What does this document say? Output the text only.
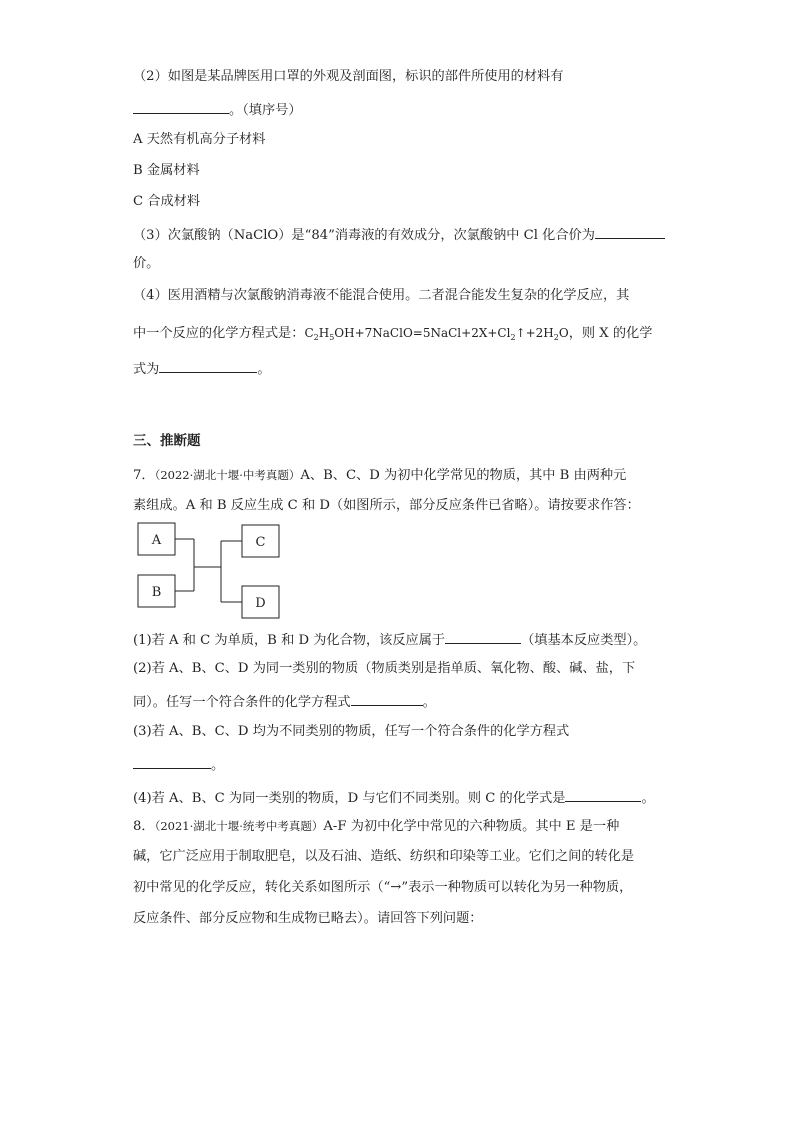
（2）如图是某品牌医用口罩的外观及剖面图，标识的部件所使用的材料有
。（填序号）
A 天然有机高分子材料
B 金属材料
C 合成材料
（3）次氯酸钠（NaClO）是“84”消毒液的有效成分，次氯酸钠中 Cl 化合价为
价。
（4）医用酒精与次氯酸钠消毒液不能混合使用。二者混合能发生复杂的化学反应，其
中一个反应的化学方程式是：$C_2H_5OH+7NaClO=5NaCl+2X+Cl_2↑+2H_2O$，则 X 的化学
式为	。
三、推断题
7．（2022·湖北十堰·中考真题）A、B、C、D 为初中化学常见的物质，其中 B 由两种元
素组成。A 和 B 反应生成 C 和 D（如图所示，部分反应条件已省略）。请按要求作答：
A
B
C
D
(1)若 A 和 C 为单质，B 和 D 为化合物，该反应属于	（填基本反应类型）。
(2)若 A、B、C、D 为同一类别的物质（物质类别是指单质、氧化物、酸、碱、盐，下
同）。任写一个符合条件的化学方程式	。
(3)若 A、B、C、D 均为不同类别的物质，任写一个符合条件的化学方程式
。
(4)若 A、B、C 为同一类别的物质，D 与它们不同类别。则 C 的化学式是	。
8．（2021·湖北十堰·统考中考真题）A-F 为初中化学中常见的六种物质。其中 E 是一种
碱，它广泛应用于制取肥皂，以及石油、造纸、纺织和印染等工业。它们之间的转化是
初中常见的化学反应，转化关系如图所示（“→”表示一种物质可以转化为另一种物质，
反应条件、部分反应物和生成物已略去）。请回答下列问题：
